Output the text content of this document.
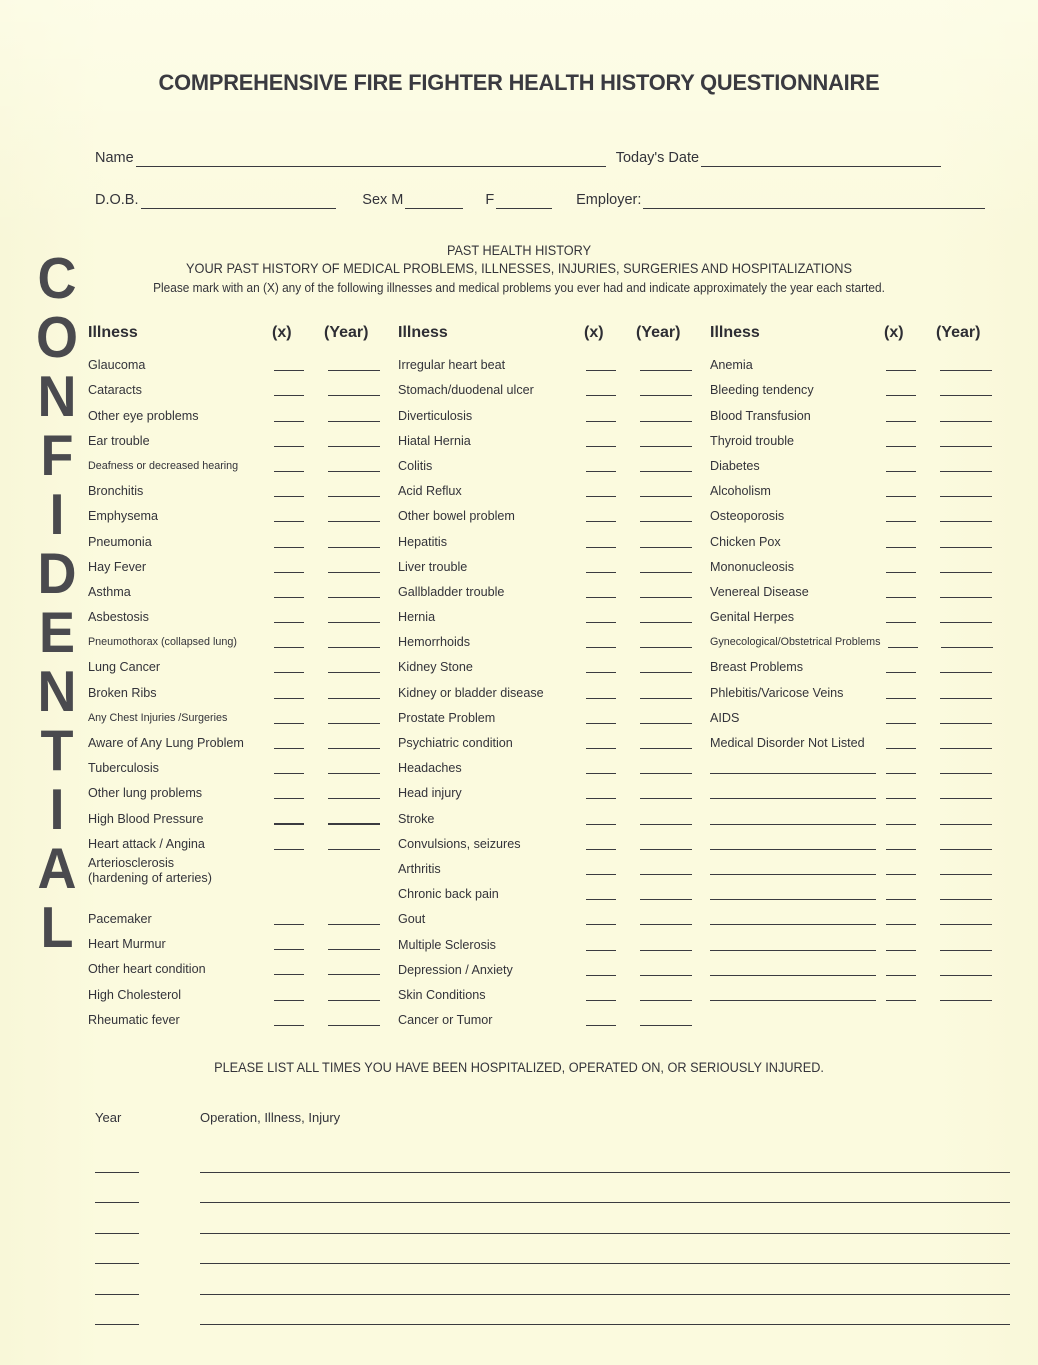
COMPREHENSIVE FIRE FIGHTER HEALTH HISTORY QUESTIONNAIRE
C
O
N
F
I
D
E
N
T
I
A
L
Name	Today's Date
D.O.B.	Sex M	F	Employer:
PAST HEALTH HISTORY
YOUR PAST HISTORY OF MEDICAL PROBLEMS, ILLNESSES, INJURIES, SURGERIES AND HOSPITALIZATIONS
Please mark with an (X) any of the following illnesses and medical problems you ever had and indicate approximately the year each started.
Illness	(x)	(Year)
Glaucoma
Cataracts
Other eye problems
Ear trouble
Deafness or decreased hearing
Bronchitis
Emphysema
Pneumonia
Hay Fever
Asthma
Asbestosis
Pneumothorax (collapsed lung)
Lung Cancer
Broken Ribs
Any Chest Injuries /Surgeries
Aware of Any Lung Problem
Tuberculosis
Other lung problems
High Blood Pressure
Heart attack / Angina
Arteriosclerosis
(hardening of arteries)
Pacemaker
Heart Murmur
Other heart condition
High Cholesterol
Rheumatic fever
Illness	(x)	(Year)
Irregular heart beat
Stomach/duodenal ulcer
Diverticulosis
Hiatal Hernia
Colitis
Acid Reflux
Other bowel problem
Hepatitis
Liver trouble
Gallbladder trouble
Hernia
Hemorrhoids
Kidney Stone
Kidney or bladder disease
Prostate Problem
Psychiatric condition
Headaches
Head injury
Stroke
Convulsions, seizures
Arthritis
Chronic back pain
Gout
Multiple Sclerosis
Depression / Anxiety
Skin Conditions
Cancer or Tumor
Illness	(x)	(Year)
Anemia
Bleeding tendency
Blood Transfusion
Thyroid trouble
Diabetes
Alcoholism
Osteoporosis
Chicken Pox
Mononucleosis
Venereal Disease
Genital Herpes
Gynecological/Obstetrical Problems
Breast Problems
Phlebitis/Varicose Veins
AIDS
Medical Disorder Not Listed
PLEASE LIST ALL TIMES YOU HAVE BEEN HOSPITALIZED, OPERATED ON, OR SERIOUSLY INJURED.
Year	Operation, Illness, Injury
